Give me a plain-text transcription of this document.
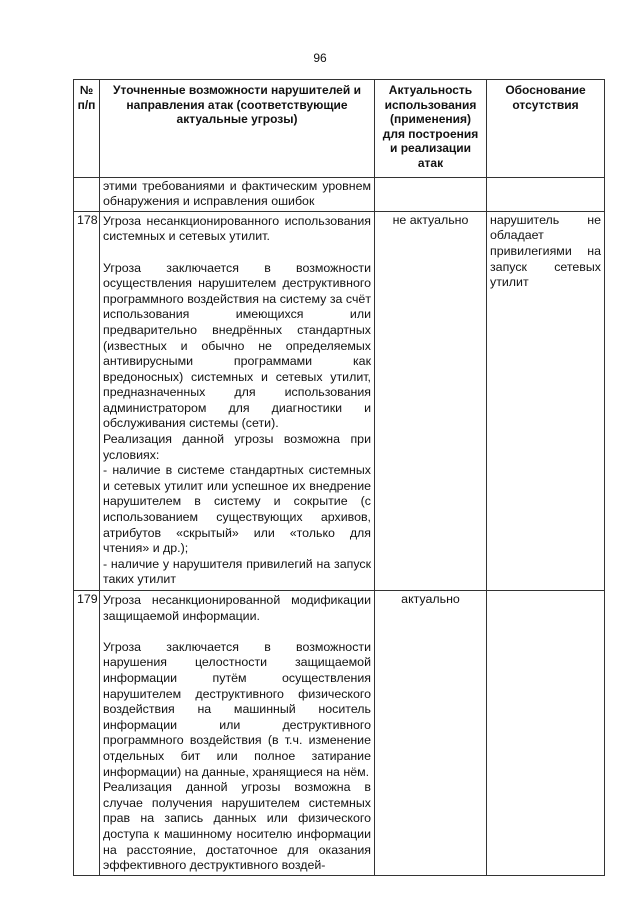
96
№ п/п	Уточненные возможности нарушителей и направления атак (соответствующие актуальные угрозы)	Актуальность использования (применения) для построения и реализации атак	Обоснование отсутствия
	этими требованиями и фактическим уровнем обнаружения и исправления ошибок		
178	Угроза несанкционированного использования системных и сетевых утилит.

Угроза заключается в возможности осуществления нарушителем деструктивного программного воздействия на систему за счёт использования имеющихся или предварительно внедрённых стандартных (известных и обычно не определяемых антивирусными программами как вредоносных) системных и сетевых утилит, предназначенных для использования администратором для диагностики и обслуживания системы (сети).

Реализация данной угрозы возможна при условиях:

- наличие в системе стандартных системных и сетевых утилит или успешное их внедрение нарушителем в систему и сокрытие (с использованием существующих архивов, атрибутов «скрытый» или «только для чтения» и др.);

- наличие у нарушителя привилегий на запуск таких утилит	не актуально	нарушитель не обладает привилегиями на запуск сетевых утилит
179	Угроза несанкционированной модификации защищаемой информации.

Угроза заключается в возможности нарушения целостности защищаемой информации путём осуществления нарушителем деструктивного физического воздействия на машинный носитель информации или деструктивного программного воздействия (в т.ч. изменение отдельных бит или полное затирание информации) на данные, хранящиеся на нём.

Реализация данной угрозы возможна в случае получения нарушителем системных прав на запись данных или физического доступа к машинному носителю информации на расстояние, достаточное для оказания эффективного деструктивного воздей-	актуально	
